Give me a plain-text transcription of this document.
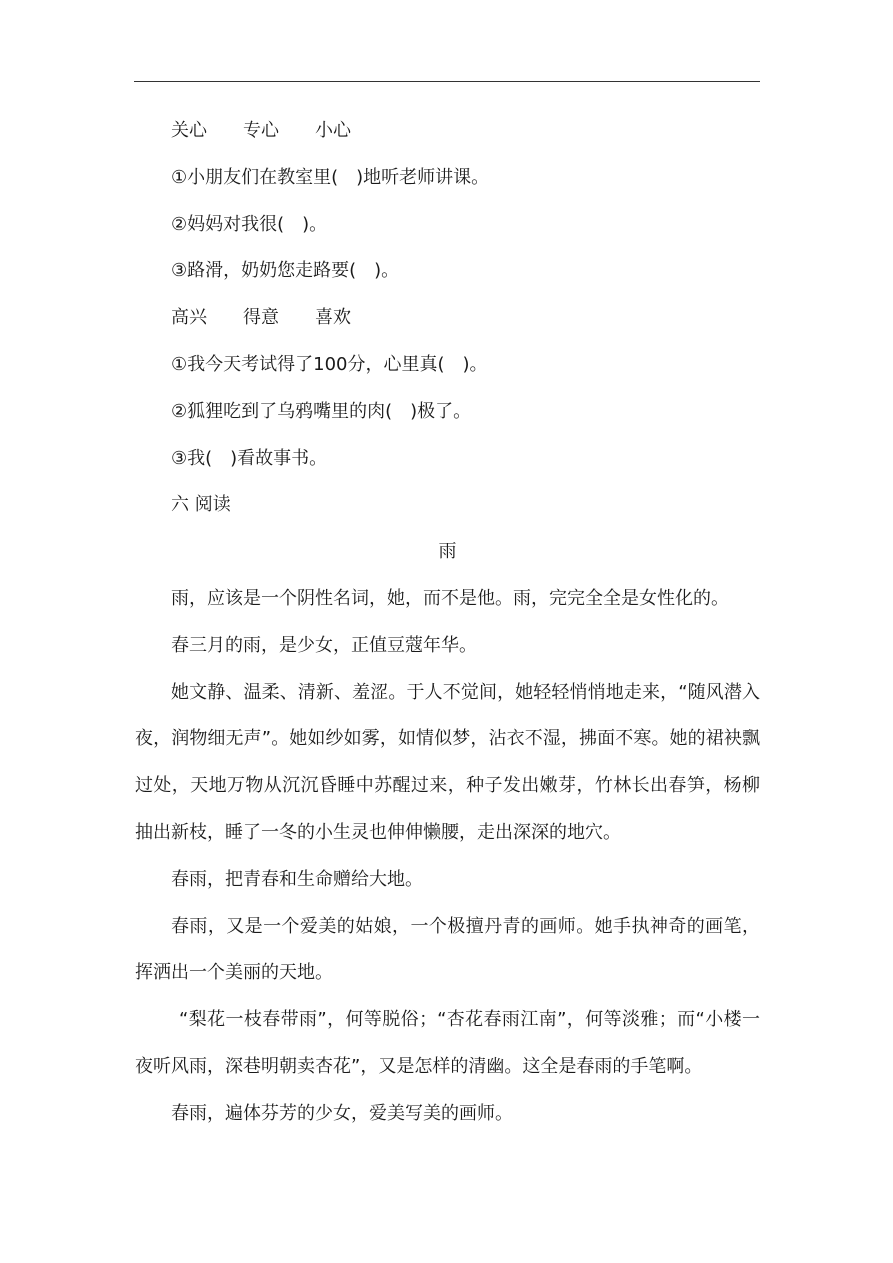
关心 专心 小心

①小朋友们在教室里(　)地听老师讲课。

②妈妈对我很(　)。

③路滑，奶奶您走路要(　)。

高兴 得意 喜欢

①我今天考试得了100分，心里真(　)。

②狐狸吃到了乌鸦嘴里的肉(　)极了。

③我(　)看故事书。

六 阅读

雨

雨，应该是一个阴性名词，她，而不是他。雨，完完全全是女性化的。

春三月的雨，是少女，正值豆蔻年华。

她文静、温柔、清新、羞涩。于人不觉间，她轻轻悄悄地走来，“随风潜入夜，润物细无声”。她如纱如雾，如情似梦，沾衣不湿，拂面不寒。她的裙袂飘过处，天地万物从沉沉昏睡中苏醒过来，种子发出嫩芽，竹林长出春笋，杨柳抽出新枝，睡了一冬的小生灵也伸伸懒腰，走出深深的地穴。

春雨，把青春和生命赠给大地。

春雨，又是一个爱美的姑娘，一个极擅丹青的画师。她手执神奇的画笔，挥洒出一个美丽的天地。

“梨花一枝春带雨”，何等脱俗；“杏花春雨江南”，何等淡雅；而“小楼一夜听风雨，深巷明朝卖杏花”，又是怎样的清幽。这全是春雨的手笔啊。

春雨，遍体芬芳的少女，爱美写美的画师。
